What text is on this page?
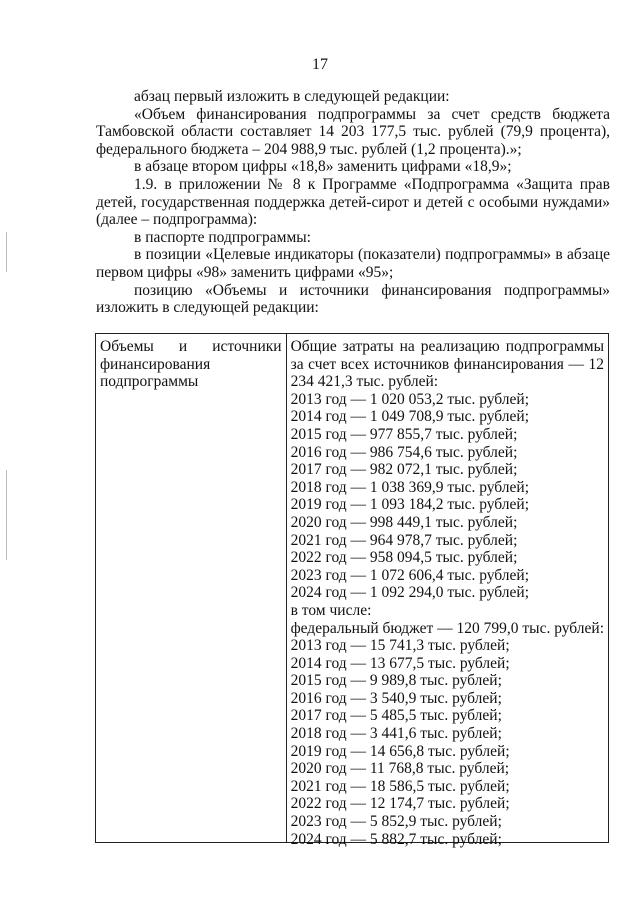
17

абзац первый изложить в следующей редакции:

«Объем финансирования подпрограммы за счет средств бюджета Тамбовской области составляет 14 203 177,5 тыс. рублей (79,9 процента), федерального бюджета – 204 988,9 тыс. рублей (1,2 процента).»;

в абзаце втором цифры «18,8» заменить цифрами «18,9»;

1.9. в приложении № 8 к Программе «Подпрограмма «Защита прав детей, государственная поддержка детей-сирот и детей с особыми нуждами» (далее – подпрограмма):

в паспорте подпрограммы:

в позиции «Целевые индикаторы (показатели) подпрограммы» в абзаце первом цифры «98» заменить цифрами «95»;

позицию «Объемы и источники финансирования подпрограммы» изложить в следующей редакции:

Объемы и источники
финансирования
подпрограммы
Общие затраты на реализацию подпрограммы за счет всех источников финансирования — 12 234 421,3 тыс. рублей:
2013 год — 1 020 053,2 тыс. рублей;
2014 год — 1 049 708,9 тыс. рублей;
2015 год — 977 855,7 тыс. рублей;
2016 год — 986 754,6 тыс. рублей;
2017 год — 982 072,1 тыс. рублей;
2018 год — 1 038 369,9 тыс. рублей;
2019 год — 1 093 184,2 тыс. рублей;
2020 год — 998 449,1 тыс. рублей;
2021 год — 964 978,7 тыс. рублей;
2022 год — 958 094,5 тыс. рублей;
2023 год — 1 072 606,4 тыс. рублей;
2024 год — 1 092 294,0 тыс. рублей;
в том числе:
федеральный бюджет — 120 799,0 тыс. рублей:
2013 год — 15 741,3 тыс. рублей;
2014 год — 13 677,5 тыс. рублей;
2015 год — 9 989,8 тыс. рублей;
2016 год — 3 540,9 тыс. рублей;
2017 год — 5 485,5 тыс. рублей;
2018 год — 3 441,6 тыс. рублей;
2019 год — 14 656,8 тыс. рублей;
2020 год — 11 768,8 тыс. рублей;
2021 год — 18 586,5 тыс. рублей;
2022 год — 12 174,7 тыс. рублей;
2023 год — 5 852,9 тыс. рублей;
2024 год — 5 882,7 тыс. рублей;
